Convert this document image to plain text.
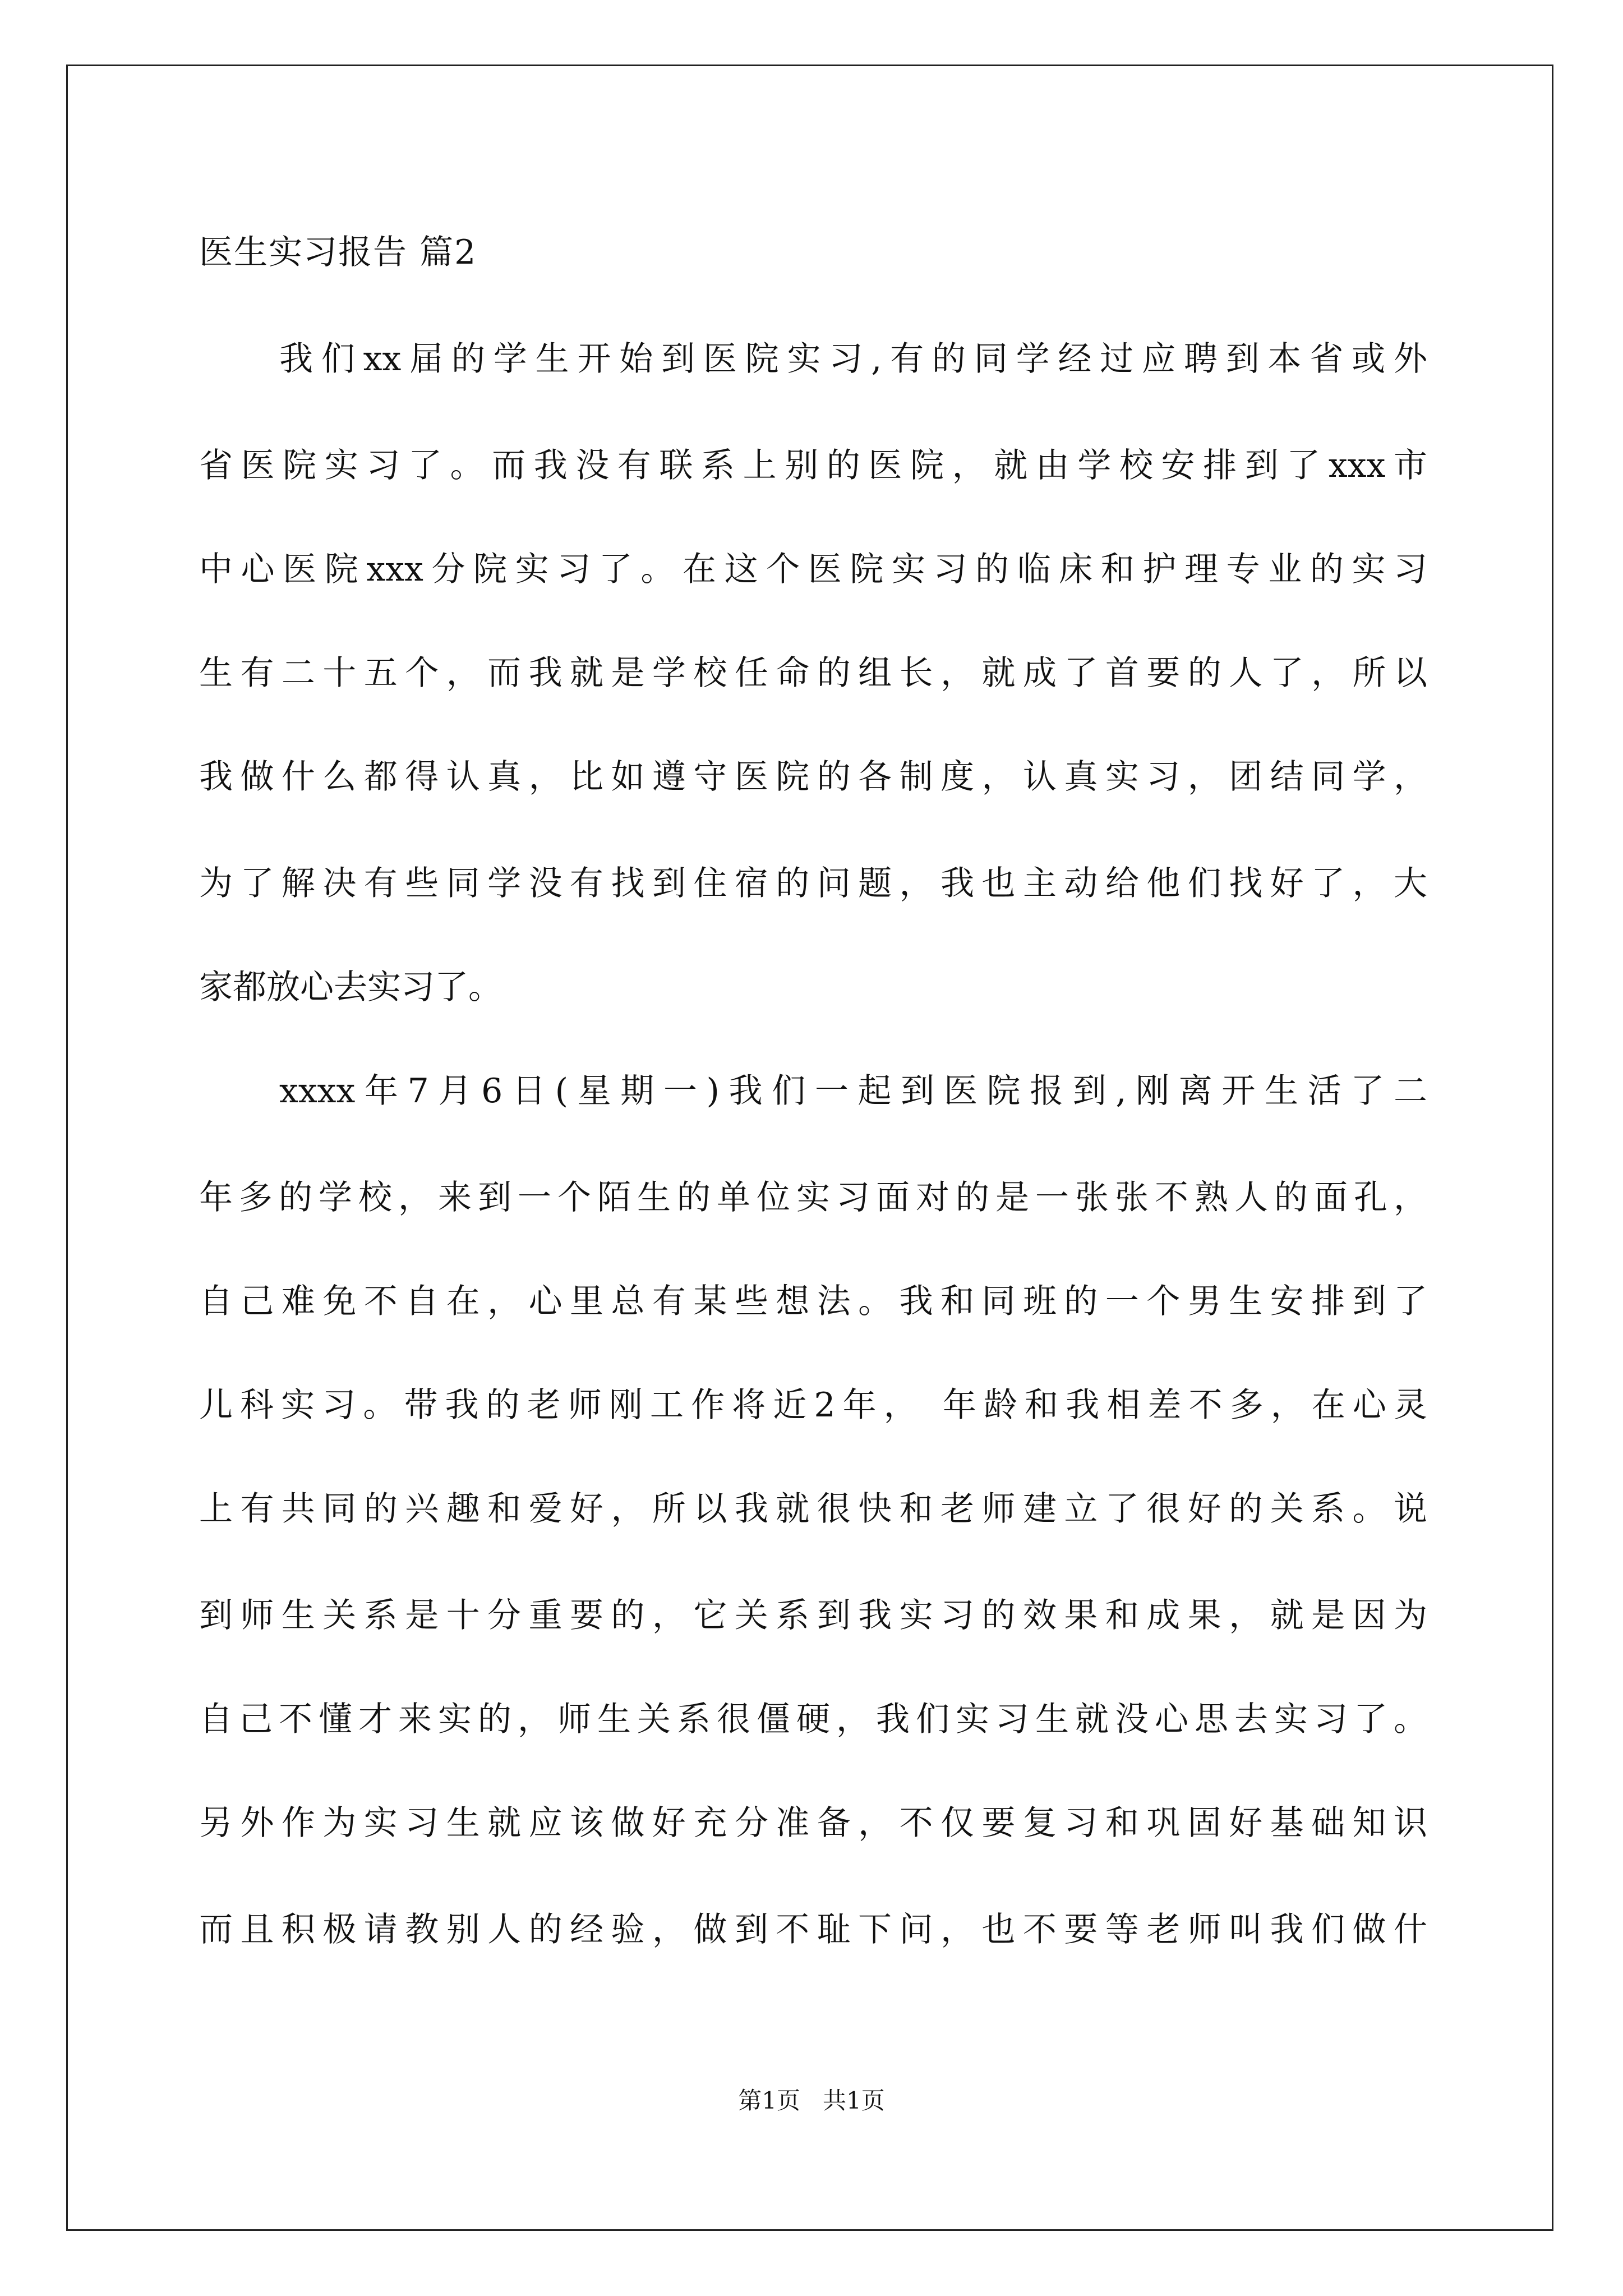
医生实习报告 篇2
我们xx届的学生开始到医院实习,有的同学经过应聘到本省或外
省医院实习了。而我没有联系上别的医院，就由学校安排到了xxx市
中心医院xxx分院实习了。在这个医院实习的临床和护理专业的实习
生有二十五个，而我就是学校任命的组长，就成了首要的人了，所以
我做什么都得认真，比如遵守医院的各制度，认真实习，团结同学，
为了解决有些同学没有找到住宿的问题，我也主动给他们找好了，大
家都放心去实习了。
xxxx年7月6日(星期一)我们一起到医院报到,刚离开生活了二
年多的学校，来到一个陌生的单位实习面对的是一张张不熟人的面孔，
自己难免不自在，心里总有某些想法。我和同班的一个男生安排到了
儿科实习。带我的老师刚工作将近2年， 年龄和我相差不多，在心灵
上有共同的兴趣和爱好，所以我就很快和老师建立了很好的关系。说
到师生关系是十分重要的，它关系到我实习的效果和成果，就是因为
自己不懂才来实的，师生关系很僵硬，我们实习生就没心思去实习了。
另外作为实习生就应该做好充分准备，不仅要复习和巩固好基础知识
而且积极请教别人的经验，做到不耻下问，也不要等老师叫我们做什
第1页   共1页
